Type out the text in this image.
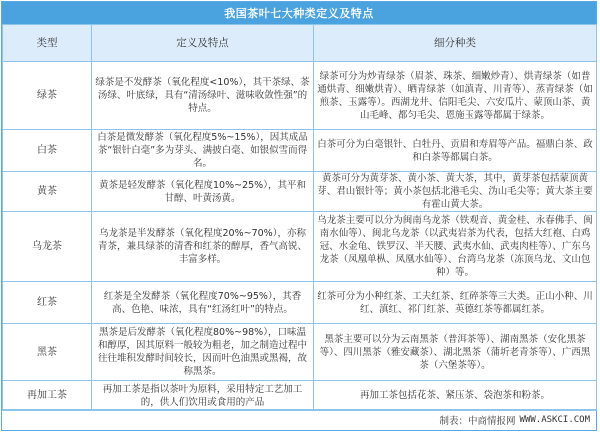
我国茶叶七大种类定义及特点
类型	定义及特点	细分种类
绿茶	绿茶是不发酵茶（氧化程度<10%），其干茶绿、茶汤绿、叶底绿，具有“清汤绿叶、滋味收敛性强”的特点。	绿茶可分为炒青绿茶（眉茶、珠茶、细嫩炒青）、烘青绿茶（如普通烘青、细嫩烘青）、晒青绿茶（如滇青、川青等）、蒸青绿茶（如煎茶、玉露等）。西湖龙井、信阳毛尖、六安瓜片、蒙顶山茶、黄山毛峰、都匀毛尖、恩施玉露等都属于绿茶。
白茶	白茶是微发酵茶（氧化程度5%~15%），因其成品茶“银针白毫”多为芽头、满披白毫、如银似雪而得名。	白茶可分为白毫银针、白牡丹、贡眉和寿眉等产品。福鼎白茶、政和白茶等都属白茶。
黄茶	黄茶是轻发酵茶（氧化程度10%~25%），其平和甘醇、叶黄汤黄。	黄茶可分为黄芽茶、黄小茶、黄大茶，其中，黄芽茶包括蒙顶黄芽、君山银针等；黄小茶包括北港毛尖、沩山毛尖等；黄大茶主要有霍山黄大茶。
乌龙茶	乌龙茶是半发酵茶（氧化程度20%~70%），亦称青茶，兼具绿茶的清香和红茶的醇厚，香气高锐、丰富多样。	乌龙茶主要可以分为闽南乌龙茶（铁观音、黄金桂、永春佛手、闽南水仙等）、闽北乌龙茶（以武夷岩茶为代表，包括大红袍、白鸡冠、水金龟、铁罗汉、半天腰、武夷水仙、武夷肉桂等）、广东乌龙茶（凤凰单枞、凤凰水仙等）、台湾乌龙茶（冻顶乌龙、文山包种）等。
红茶	红茶是全发酵茶（氧化程度70%~95%），其香高、色艳、味浓，具有“红汤红叶”的特点。	红茶可分为小种红茶、工夫红茶、红碎茶等三大类。正山小种、川红、滇红、祁门红茶、英德红茶等都属红茶。
黑茶	黑茶是后发酵茶（氧化程度80%~98%），口味温和醇厚，因其原料一般较为粗老，加之制造过程中往往堆积发酵时间较长，因而叶色油黑或黑褐，故称黑茶。	黑茶主要可以分为云南黑茶（普洱茶等）、湖南黑茶（安化黑茶等）、四川黑茶（雅安藏茶）、湖北黑茶（蒲圻老青茶等）、广西黑茶（六堡茶等）。
再加工茶	再加工茶是指以茶叶为原料，采用特定工艺加工的，供人们饮用或食用的产品	再加工茶包括花茶、紧压茶、袋泡茶和粉茶。
制表：中商情报网 WWW.ASKCI.COM
